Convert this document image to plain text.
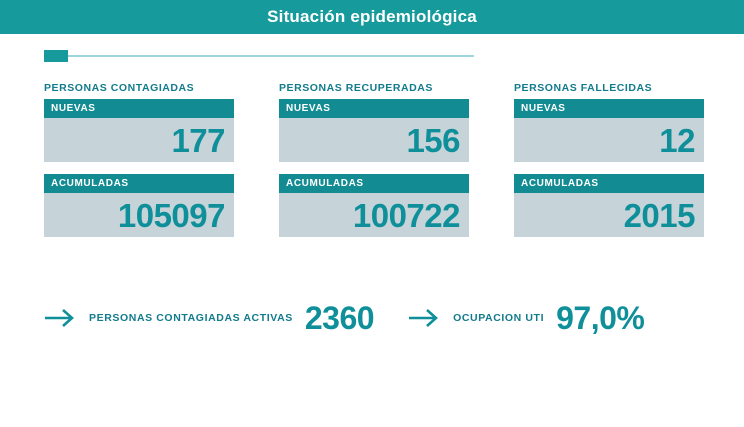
Situación epidemiológica
PERSONAS CONTAGIADAS
NUEVAS
177
ACUMULADAS
105097
PERSONAS RECUPERADAS
NUEVAS
156
ACUMULADAS
100722
PERSONAS FALLECIDAS
NUEVAS
12
ACUMULADAS
2015
PERSONAS CONTAGIADAS ACTIVAS 2360	OCUPACION UTI 97,0%
